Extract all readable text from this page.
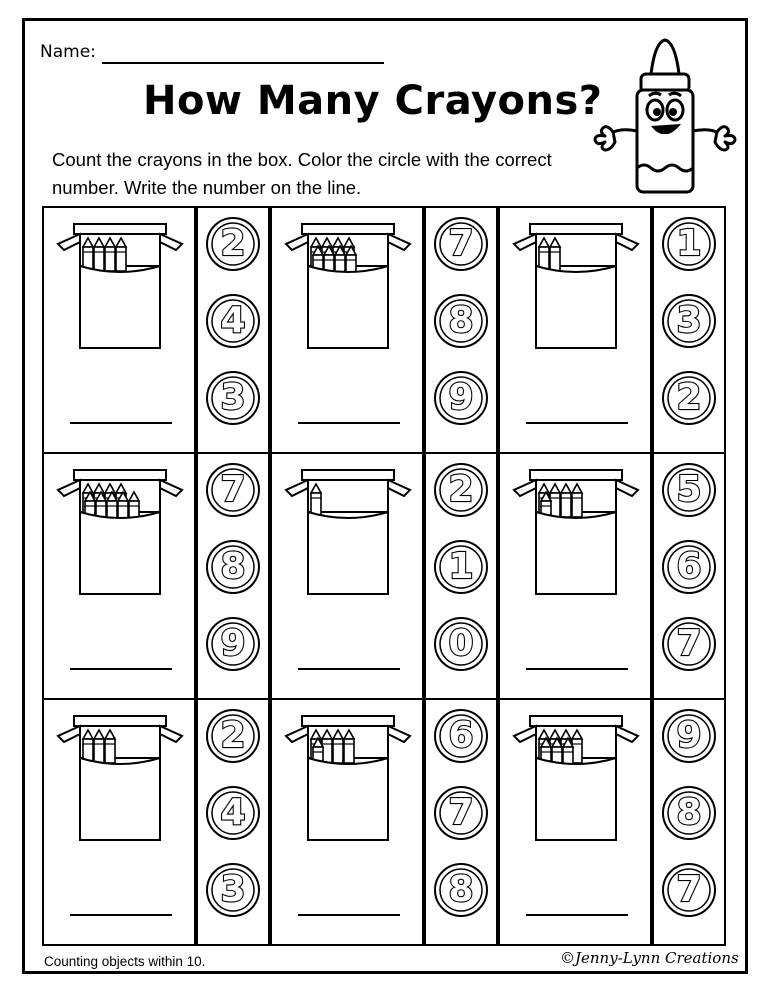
Name:
How Many Crayons?
Count the crayons in the box. Color the circle with the correct number. Write the number on the line.
2
4
3
7
8
9
1
3
2
7
8
9
2
1
0
5
6
7
2
4
3
6
7
8
9
8
7
Counting objects within 10.	©Jenny-Lynn Creations
